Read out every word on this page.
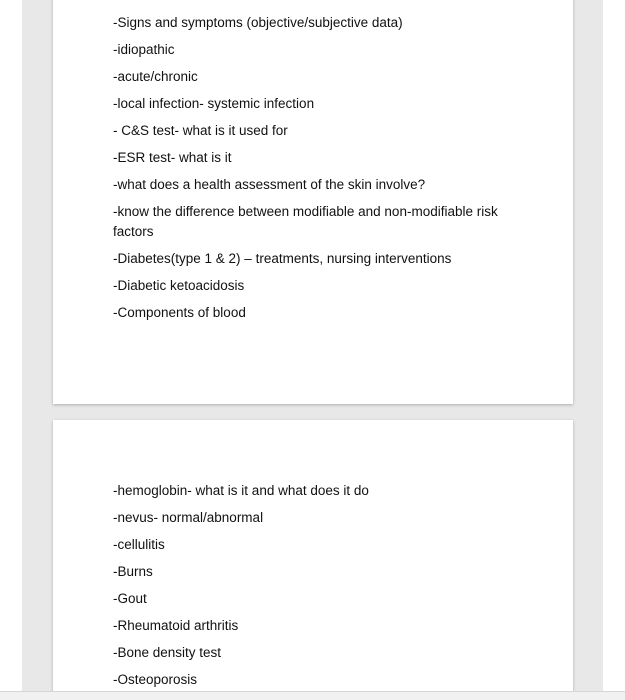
-Signs and symptoms (objective/subjective data)
-idiopathic
-acute/chronic
-local infection- systemic infection
- C&S test- what is it used for
-ESR test- what is it
-what does a health assessment of the skin involve?
-know the difference between modifiable and non-modifiable risk factors
-Diabetes(type 1 & 2) – treatments, nursing interventions
-Diabetic ketoacidosis
-Components of blood
-hemoglobin- what is it and what does it do
-nevus- normal/abnormal
-cellulitis
-Burns
-Gout
-Rheumatoid arthritis
-Bone density test
-Osteoporosis
